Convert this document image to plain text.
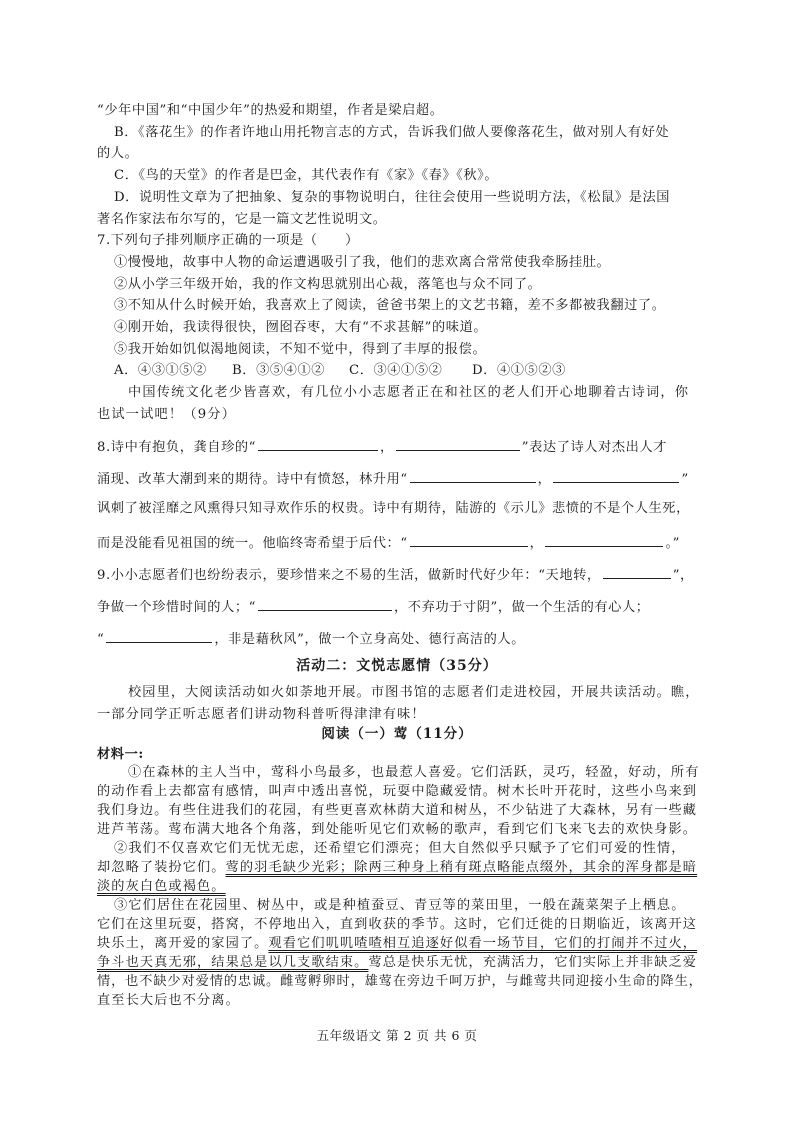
“少年中国”和“中国少年”的热爱和期望，作者是梁启超。
B．《落花生》的作者许地山用托物言志的方式，告诉我们做人要像落花生，做对别人有好处
的人。
C．《鸟的天堂》的作者是巴金，其代表作有《家》《春》《秋》。
D．说明性文章为了把抽象、复杂的事物说明白，往往会使用一些说明方法，《松鼠》是法国
著名作家法布尔写的，它是一篇文艺性说明文。
7.下列句子排列顺序正确的一项是（　　）
①慢慢地，故事中人物的命运遭遇吸引了我，他们的悲欢离合常常使我牵肠挂肚。
②从小学三年级开始，我的作文构思就别出心裁，落笔也与众不同了。
③不知从什么时候开始，我喜欢上了阅读，爸爸书架上的文艺书籍，差不多都被我翻过了。
④刚开始，我读得很快，囫囵吞枣，大有“不求甚解”的味道。
⑤我开始如饥似渴地阅读，不知不觉中，得到了丰厚的报偿。
A．④③①⑤② B．③⑤④①② C．③④①⑤② D．④①⑤②③
中国传统文化老少皆喜欢，有几位小小志愿者正在和社区的老人们开心地聊着古诗词，你
也试一试吧！（9分）
8.诗中有抱负，龚自珍的“	，	”表达了诗人对杰出人才
涌现、改革大潮到来的期待。诗中有愤怒，林升用“	，	”
讽刺了被淫靡之风熏得只知寻欢作乐的权贵。诗中有期待，陆游的《示儿》悲愤的不是个人生死，
而是没能看见祖国的统一。他临终寄希望于后代：“	，	。”
9.小小志愿者们也纷纷表示，要珍惜来之不易的生活，做新时代好少年：“天地转，	”，
争做一个珍惜时间的人；“	，不弃功于寸阴”，做一个生活的有心人；
“	，非是藉秋风”，做一个立身高处、德行高洁的人。
活动二：文悦志愿情（35分）
校园里，大阅读活动如火如荼地开展。市图书馆的志愿者们走进校园，开展共读活动。瞧，
一部分同学正听志愿者们讲动物科普听得津津有味！
阅读（一）莺（11分）
材料一:
①在森林的主人当中，莺科小鸟最多，也最惹人喜爱。它们活跃，灵巧，轻盈，好动，所有
的动作看上去都富有感情，叫声中透出喜悦，玩耍中隐藏爱情。树木长叶开花时，这些小鸟来到
我们身边。有些住进我们的花园，有些更喜欢林荫大道和树丛，不少钻进了大森林，另有一些藏
进芦苇荡。莺布满大地各个角落，到处能听见它们欢畅的歌声，看到它们飞来飞去的欢快身影。
②我们不仅喜欢它们无忧无虑，还希望它们漂亮；但大自然似乎只赋予了它们可爱的性情，
却忽略了装扮它们。莺的羽毛缺少光彩；除两三种身上稍有斑点略能点缀外，其余的浑身都是暗
淡的灰白色或褐色。
③它们居住在花园里、树丛中，或是种植蚕豆、青豆等的菜田里，一般在蔬菜架子上栖息。
它们在这里玩耍，搭窝，不停地出入，直到收获的季节。这时，它们迁徙的日期临近，该离开这
块乐土，离开爱的家园了。观看它们叽叽喳喳相互追逐好似看一场节目，它们的打闹并不过火，
争斗也天真无邪，结果总是以几支歌结束。莺总是快乐无忧，充满活力，它们实际上并非缺乏爱
情，也不缺少对爱情的忠诚。雌莺孵卵时，雄莺在旁边千呵万护，与雌莺共同迎接小生命的降生，
直至长大后也不分离。
五年级语文 第 2 页 共 6 页
